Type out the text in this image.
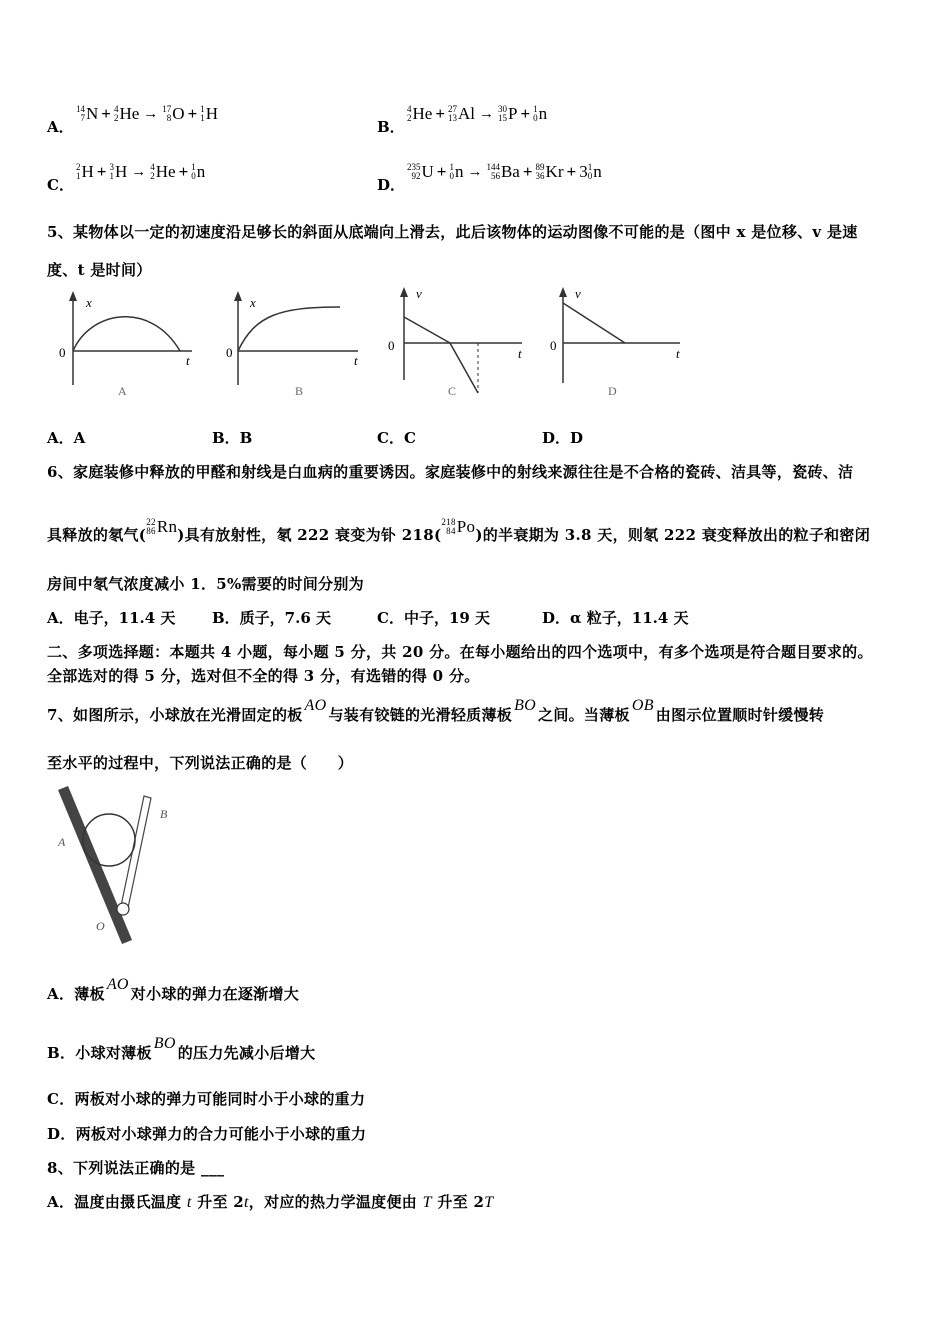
A．
14
7 N + 4
2 He → 17
8 O + 1
1 H
B．
4
2 He + 27
13 Al → 30
15 P + 1
0 n
C．
2
1 H + 3
1 H → 4
2 He + 1
0 n
D．
235
92 U + 1
0 n → 144
56 Ba + 89
36 Kr + 3 1
0 n
5、某物体以一定的初速度沿足够长的斜面从底端向上滑去，此后该物体的运动图像不可能的是（图中 x 是位移、v 是速
度、t 是时间）
x
0
t
A
x
0
t
B
v
0
t
C
v
0
t
D
A．A	B．B	C．C	D．D
6、家庭装修中释放的甲醛和射线是白血病的重要诱因。家庭装修中的射线来源往往是不合格的瓷砖、洁具等，瓷砖、洁
具释放的氡气(
22
86 Rn )具有放射性，氡 222 衰变为钋 218(
218
84 Po )的半衰期为 3.8 天，则氡 222 衰变释放出的粒子和密闭
房间中氡气浓度减小 1．5%需要的时间分别为
A．电子，11.4 天 B．质子，7.6 天	C．中子，19 天	D．α 粒子，11.4 天
二、多项选择题：本题共 4 小题，每小题 5 分，共 20 分。在每小题给出的四个选项中，有多个选项是符合题目要求的。
全部选对的得 5 分，选对但不全的得 3 分，有选错的得 0 分。
7、如图所示，小球放在光滑固定的板AO与装有铰链的光滑轻质薄板BO之间。当薄板OB由图示位置顺时针缓慢转
至水平的过程中，下列说法正确的是（　　）
A
B
O
A．薄板AO对小球的弹力在逐渐增大
B．小球对薄板BO的压力先减小后增大
C．两板对小球的弹力可能同时小于小球的重力
D．两板对小球弹力的合力可能小于小球的重力
8、下列说法正确的是 ___
A．温度由摄氏温度 t 升至 2t，对应的热力学温度便由 T 升至 2T
